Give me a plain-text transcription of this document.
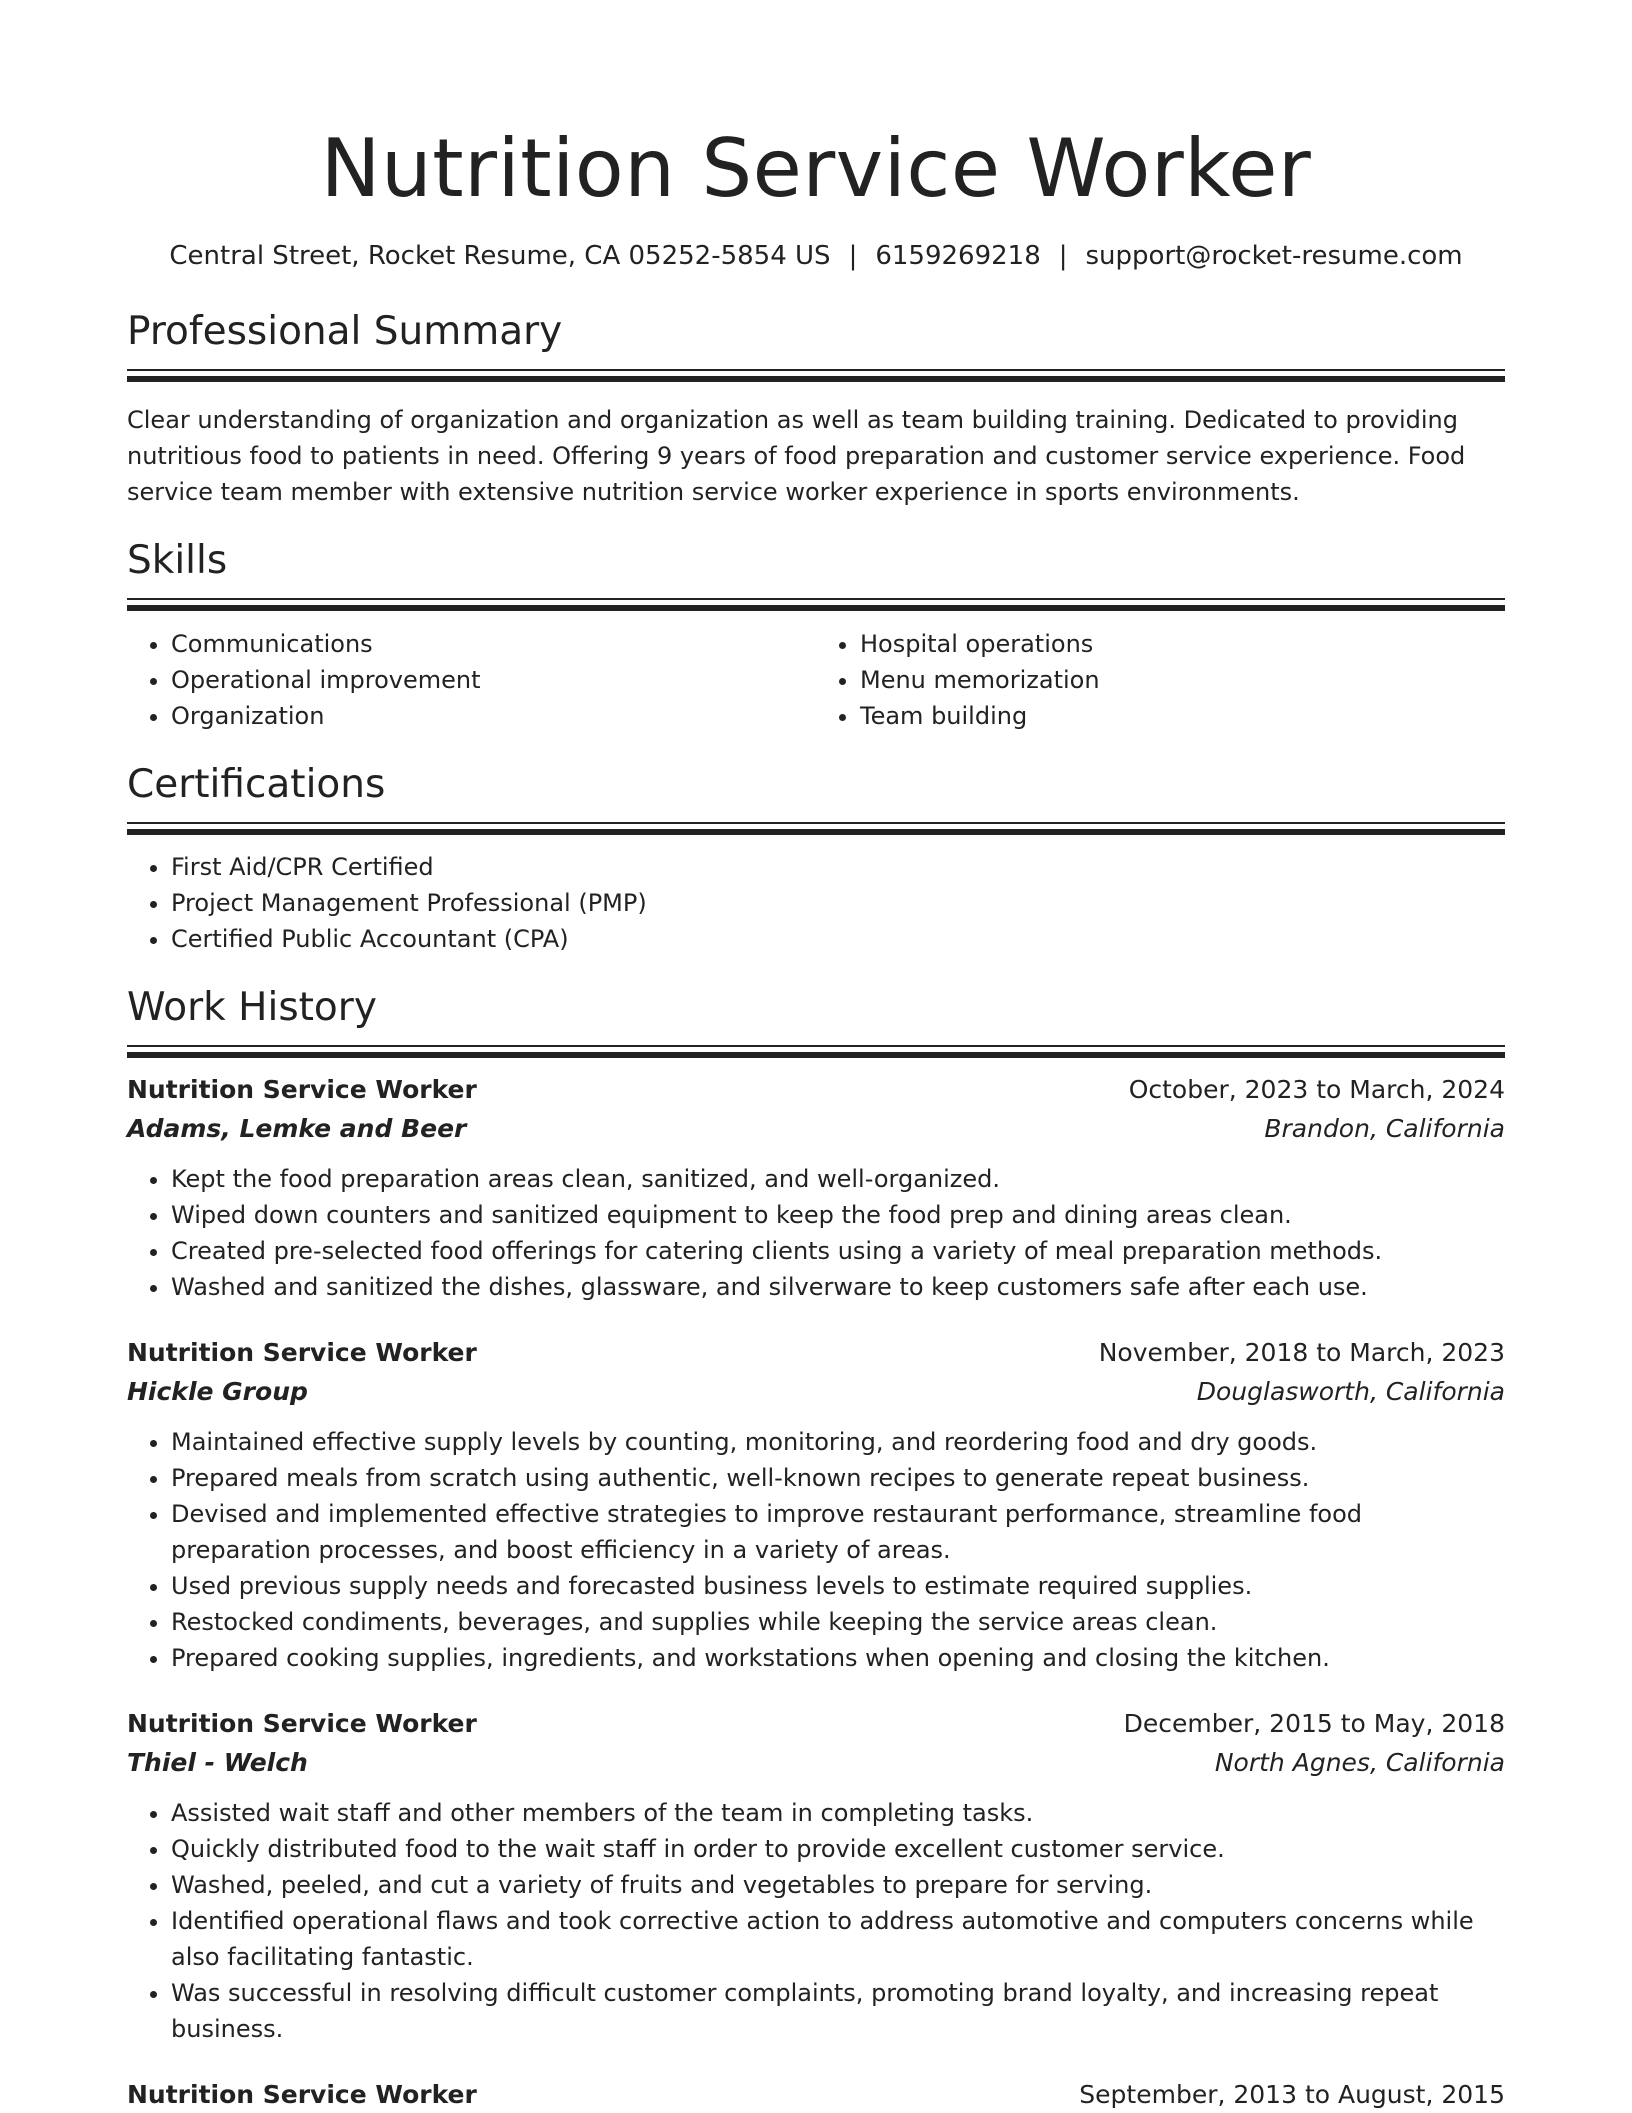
Nutrition Service Worker
Central Street, Rocket Resume, CA 05252-5854 US | 6159269218 | support@rocket-resume.com
Professional Summary

Clear understanding of organization and organization as well as team building training. Dedicated to providing nutritious food to patients in need. Offering 9 years of food preparation and customer service experience. Food service team member with extensive nutrition service worker experience in sports environments.

Skills
• Communications
• Operational improvement
• Organization
• Hospital operations
• Menu memorization
• Team building
Certifications
• First Aid/CPR Certified
• Project Management Professional (PMP)
• Certified Public Accountant (CPA)
Work History
Nutrition Service Worker	October, 2023 to March, 2024
Adams, Lemke and Beer	Brandon, California
• Kept the food preparation areas clean, sanitized, and well-organized.
• Wiped down counters and sanitized equipment to keep the food prep and dining areas clean.
• Created pre-selected food offerings for catering clients using a variety of meal preparation methods.
• Washed and sanitized the dishes, glassware, and silverware to keep customers safe after each use.
Nutrition Service Worker	November, 2018 to March, 2023
Hickle Group	Douglasworth, California
• Maintained effective supply levels by counting, monitoring, and reordering food and dry goods.
• Prepared meals from scratch using authentic, well-known recipes to generate repeat business.
• Devised and implemented effective strategies to improve restaurant performance, streamline food preparation processes, and boost efficiency in a variety of areas.
• Used previous supply needs and forecasted business levels to estimate required supplies.
• Restocked condiments, beverages, and supplies while keeping the service areas clean.
• Prepared cooking supplies, ingredients, and workstations when opening and closing the kitchen.
Nutrition Service Worker	December, 2015 to May, 2018
Thiel - Welch	North Agnes, California
• Assisted wait staff and other members of the team in completing tasks.
• Quickly distributed food to the wait staff in order to provide excellent customer service.
• Washed, peeled, and cut a variety of fruits and vegetables to prepare for serving.
• Identified operational flaws and took corrective action to address automotive and computers concerns while also facilitating fantastic.
• Was successful in resolving difficult customer complaints, promoting brand loyalty, and increasing repeat business.
Nutrition Service Worker	September, 2013 to August, 2015
